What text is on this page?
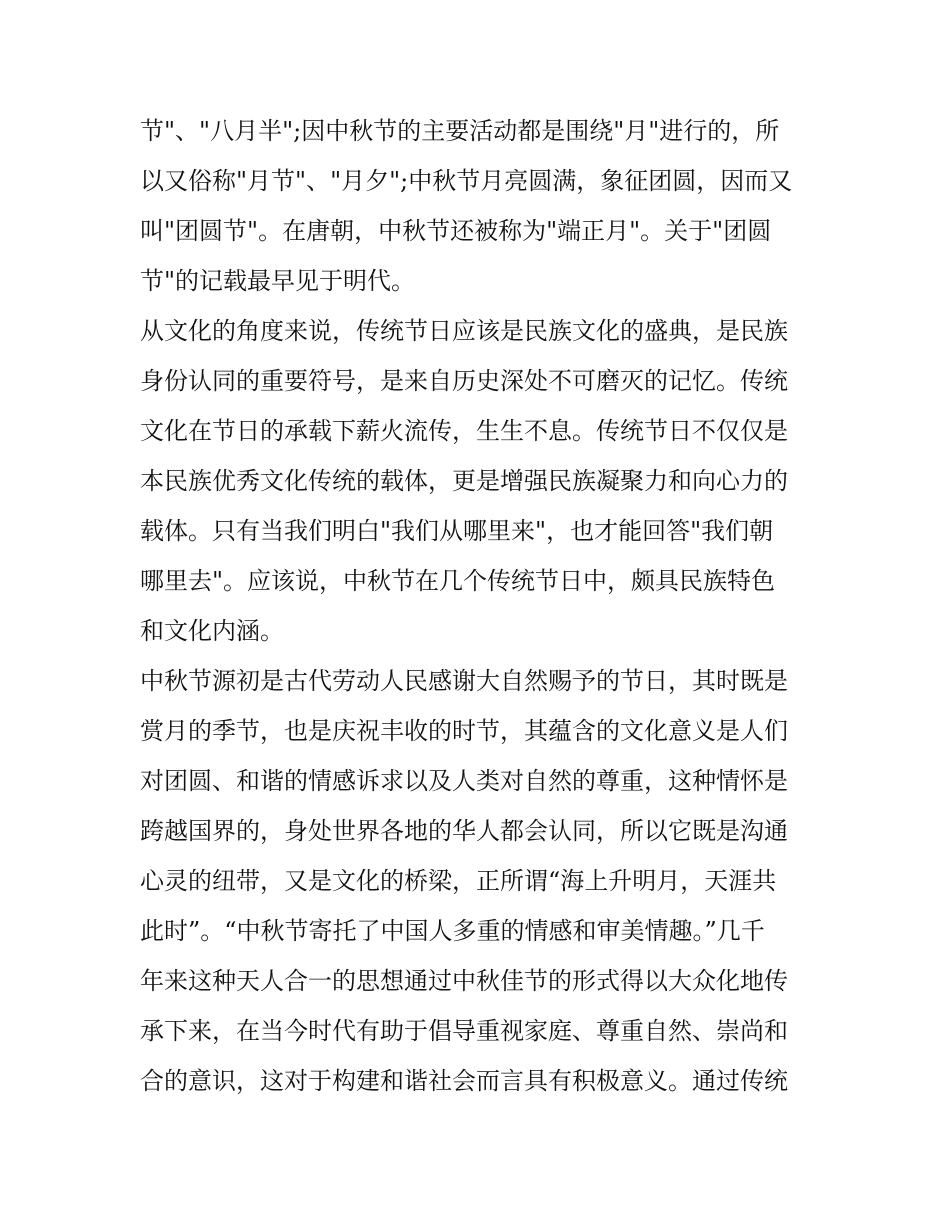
节"、"八月半";因中秋节的主要活动都是围绕"月"进行的，所
以又俗称"月节"、"月夕";中秋节月亮圆满，象征团圆，因而又
叫"团圆节"。在唐朝，中秋节还被称为"端正月"。关于"团圆
节"的记载最早见于明代。
从文化的角度来说，传统节日应该是民族文化的盛典，是民族
身份认同的重要符号，是来自历史深处不可磨灭的记忆。传统
文化在节日的承载下薪火流传，生生不息。传统节日不仅仅是
本民族优秀文化传统的载体，更是增强民族凝聚力和向心力的
载体。只有当我们明白"我们从哪里来"，也才能回答"我们朝
哪里去"。应该说，中秋节在几个传统节日中，颇具民族特色
和文化内涵。
中秋节源初是古代劳动人民感谢大自然赐予的节日，其时既是
赏月的季节，也是庆祝丰收的时节，其蕴含的文化意义是人们
对团圆、和谐的情感诉求以及人类对自然的尊重，这种情怀是
跨越国界的，身处世界各地的华人都会认同，所以它既是沟通
心灵的纽带，又是文化的桥梁，正所谓“海上升明月，天涯共
此时”。“中秋节寄托了中国人多重的情感和审美情趣。”几千
年来这种天人合一的思想通过中秋佳节的形式得以大众化地传
承下来，在当今时代有助于倡导重视家庭、尊重自然、崇尚和
合的意识，这对于构建和谐社会而言具有积极意义。通过传统
